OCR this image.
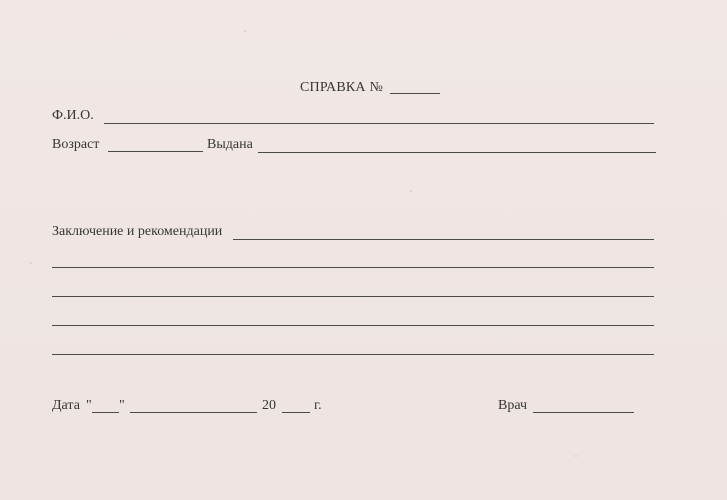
СПРАВКА №
Ф.И.О.
Возраст	Выдана
Заключение и рекомендации
Дата " "	20	г.	Врач
